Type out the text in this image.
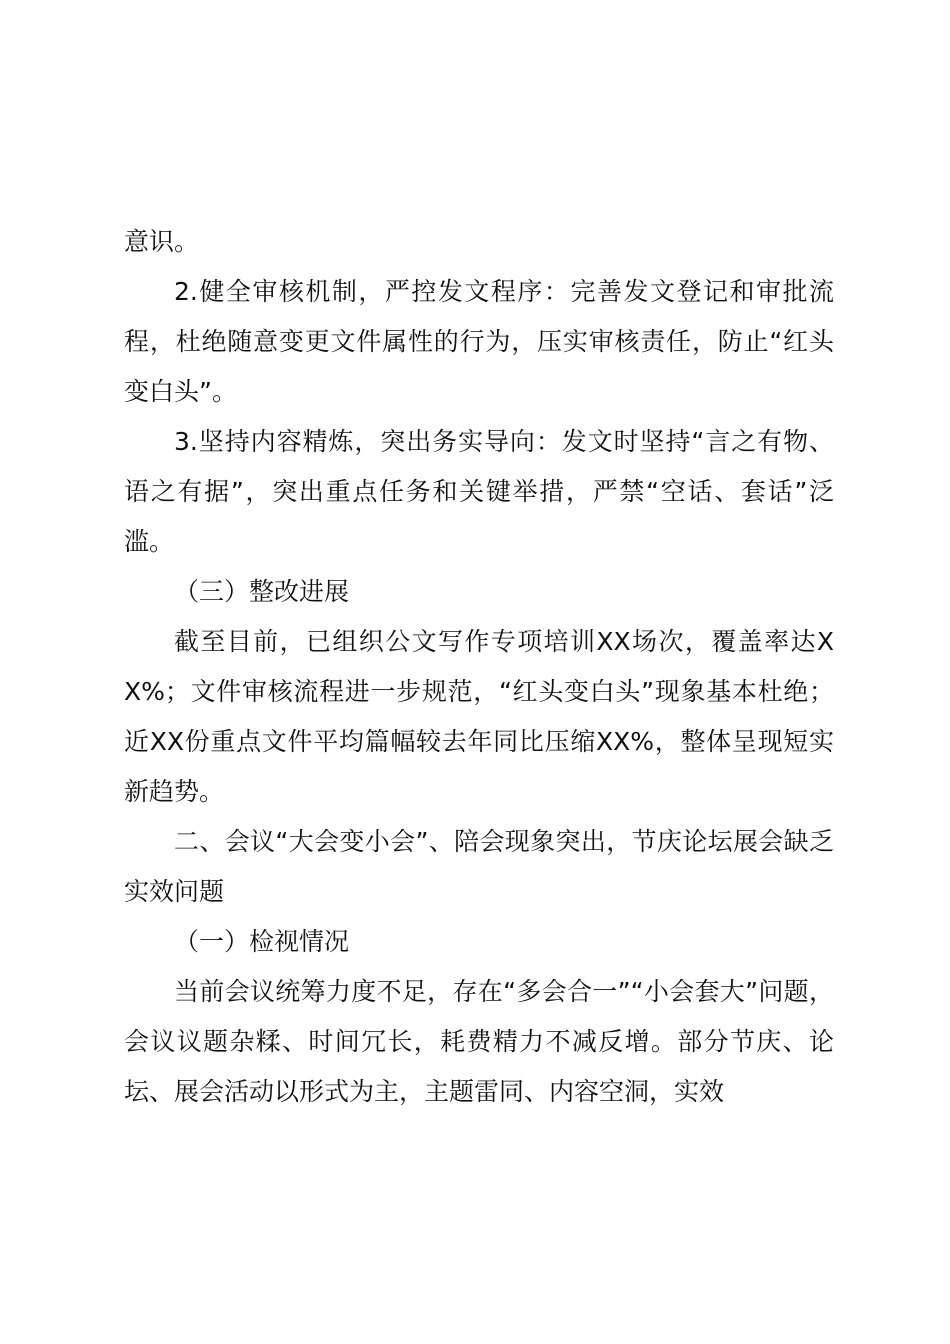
意识。

2.健全审核机制，严控发文程序：完善发文登记和审批流程，杜绝随意变更文件属性的行为，压实审核责任，防止“红头变白头”。

3.坚持内容精炼，突出务实导向：发文时坚持“言之有物、语之有据”，突出重点任务和关键举措，严禁“空话、套话”泛滥。

（三）整改进展

截至目前，已组织公文写作专项培训XX场次，覆盖率达XX%；文件审核流程进一步规范，“红头变白头”现象基本杜绝；近XX份重点文件平均篇幅较去年同比压缩XX%，整体呈现短实新趋势。

二、会议“大会变小会”、陪会现象突出，节庆论坛展会缺乏实效问题

（一）检视情况

当前会议统筹力度不足，存在“多会合一”“小会套大”问题，会议议题杂糅、时间冗长，耗费精力不减反增。部分节庆、论坛、展会活动以形式为主，主题雷同、内容空洞，实效
